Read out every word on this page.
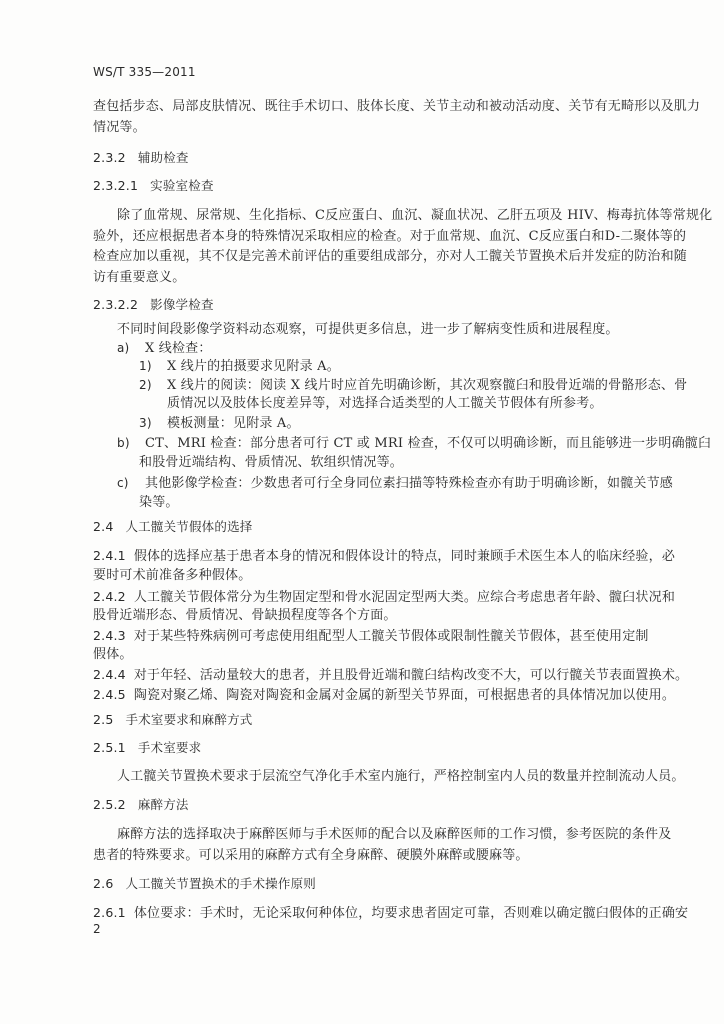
WS/T 335—2011
查包括步态、局部皮肤情况、既往手术切口、肢体长度、关节主动和被动活动度、关节有无畸形以及肌力
情况等。
2.3.2 辅助检查
2.3.2.1 实验室检查
除了血常规、尿常规、生化指标、C反应蛋白、血沉、凝血状况、乙肝五项及 HIV、梅毒抗体等常规化
验外，还应根据患者本身的特殊情况采取相应的检查。对于血常规、血沉、C反应蛋白和D-二聚体等的
检查应加以重视，其不仅是完善术前评估的重要组成部分，亦对人工髋关节置换术后并发症的防治和随
访有重要意义。
2.3.2.2 影像学检查
不同时间段影像学资料动态观察，可提供更多信息，进一步了解病变性质和进展程度。
a) X 线检查：
1) X 线片的拍摄要求见附录 A。
2) X 线片的阅读：阅读 X 线片时应首先明确诊断，其次观察髋臼和股骨近端的骨骼形态、骨
质情况以及肢体长度差异等，对选择合适类型的人工髋关节假体有所参考。
3) 模板测量：见附录 A。
b) CT、MRI 检查：部分患者可行 CT 或 MRI 检查，不仅可以明确诊断，而且能够进一步明确髋臼
和股骨近端结构、骨质情况、软组织情况等。
c) 其他影像学检查：少数患者可行全身同位素扫描等特殊检查亦有助于明确诊断，如髋关节感
染等。
2.4 人工髋关节假体的选择
2.4.1 假体的选择应基于患者本身的情况和假体设计的特点，同时兼顾手术医生本人的临床经验，必
要时可术前准备多种假体。
2.4.2 人工髋关节假体常分为生物固定型和骨水泥固定型两大类。应综合考虑患者年龄、髋臼状况和
股骨近端形态、骨质情况、骨缺损程度等各个方面。
2.4.3 对于某些特殊病例可考虑使用组配型人工髋关节假体或限制性髋关节假体，甚至使用定制
假体。
2.4.4 对于年轻、活动量较大的患者，并且股骨近端和髋臼结构改变不大，可以行髋关节表面置换术。
2.4.5 陶瓷对聚乙烯、陶瓷对陶瓷和金属对金属的新型关节界面，可根据患者的具体情况加以使用。
2.5 手术室要求和麻醉方式
2.5.1 手术室要求
人工髋关节置换术要求于层流空气净化手术室内施行，严格控制室内人员的数量并控制流动人员。
2.5.2 麻醉方法
麻醉方法的选择取决于麻醉医师与手术医师的配合以及麻醉医师的工作习惯，参考医院的条件及
患者的特殊要求。可以采用的麻醉方式有全身麻醉、硬膜外麻醉或腰麻等。
2.6 人工髋关节置换术的手术操作原则
2.6.1 体位要求：手术时，无论采取何种体位，均要求患者固定可靠，否则难以确定髋臼假体的正确安
2
